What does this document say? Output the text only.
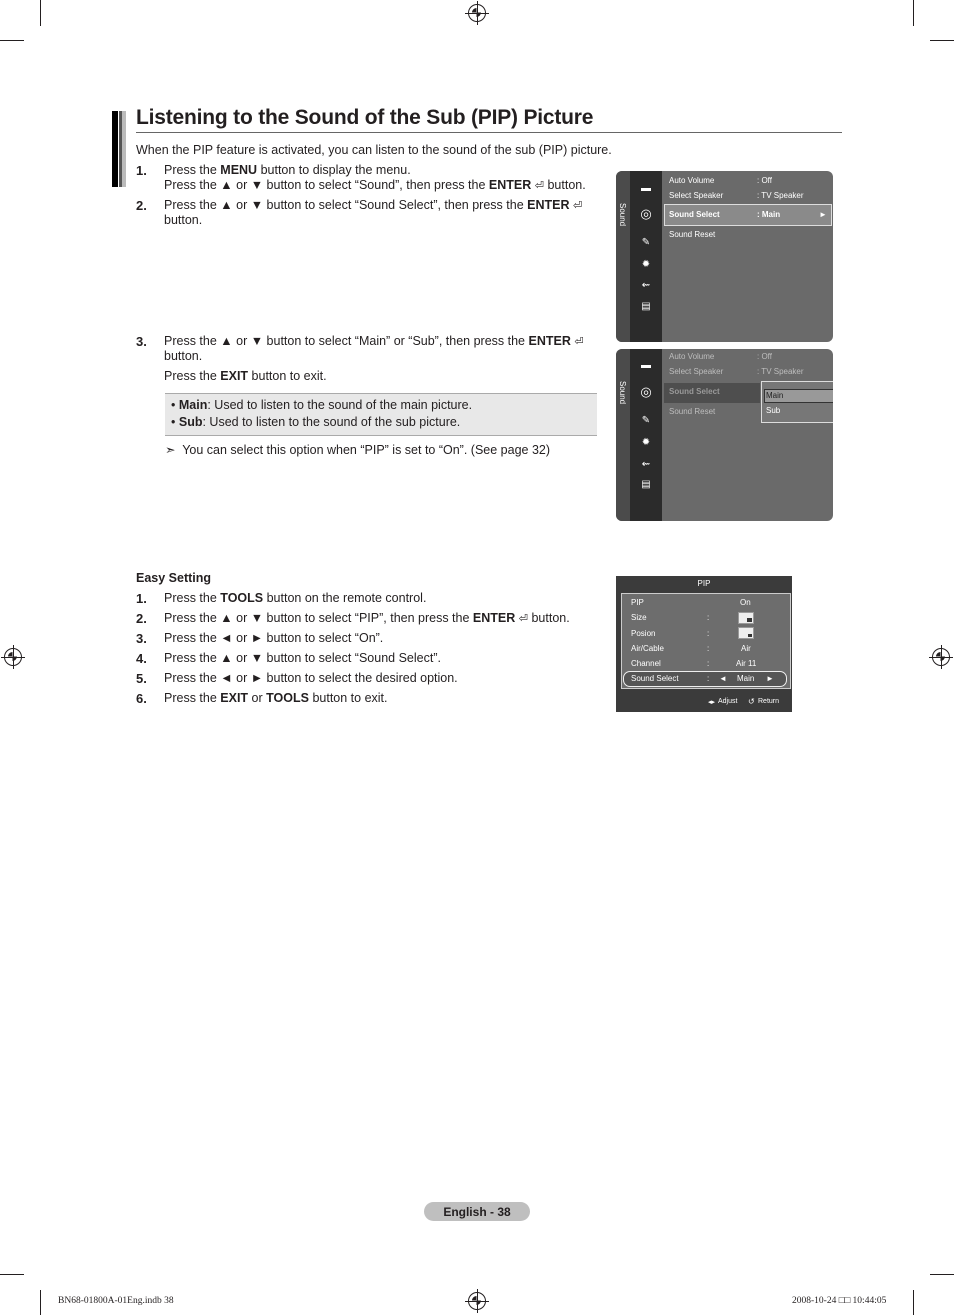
Listening to the Sound of the Sub (PIP) Picture
When the PIP feature is activated, you can listen to the sound of the sub (PIP) picture.
1.	Press the MENU button to display the menu.
Press the ▲ or ▼ button to select “Sound”, then press the ENTER ⏎ button.
2.	Press the ▲ or ▼ button to select “Sound Select”, then press the ENTER ⏎
button.
3.	Press the ▲ or ▼ button to select “Main” or “Sub”, then press the ENTER ⏎
button.
Press the EXIT button to exit.
• Main: Used to listen to the sound of the main picture.
• Sub: Used to listen to the sound of the sub picture.
➣ You can select this option when “PIP” is set to “On”. (See page 32)
Sound
▬
◎
✎
✹
⇜
▤
Auto Volume	: Off
Select Speaker	: TV Speaker
Sound Select	: Main	►
Sound Reset
Sound
▬
◎
✎
✹
⇜
▤
Auto Volume	: Off
Select Speaker	: TV Speaker
Sound Select
Sound Reset
Main
Sub
Easy Setting
1.	Press the TOOLS button on the remote control.
2.	Press the ▲ or ▼ button to select “PIP”, then press the ENTER ⏎ button.
3.	Press the ◄ or ► button to select “On”.
4.	Press the ▲ or ▼ button to select “Sound Select”.
5.	Press the ◄ or ► button to select the desired option.
6.	Press the EXIT or TOOLS button to exit.
PIP
PIP	On
Size	:
Posion	:
Air/Cable	:	Air
Channel	:	Air 11
Sound Select	: ◄ Main ►
◂▸ Adjust ↺ Return
English - 38
BN68-01800A-01Eng.indb 38	2008-10-24 □□ 10:44:05
